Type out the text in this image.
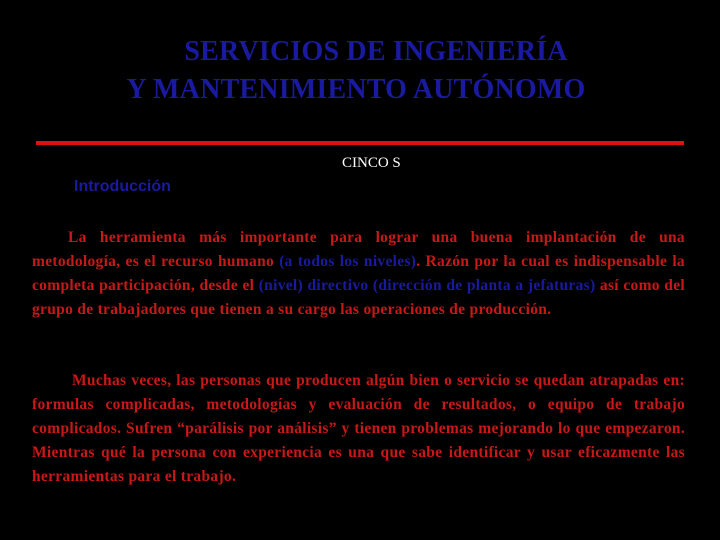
SERVICIOS DE INGENIERÍA
Y MANTENIMIENTO AUTÓNOMO
CINCO S
Introducción

La herramienta más importante para lograr una buena implantación de una metodología, es el recurso humano (a todos los niveles). Razón por la cual es indispensable la completa participación, desde el (nivel) directivo (dirección de planta a jefaturas) así como del grupo de trabajadores que tienen a su cargo las operaciones de producción.

Muchas veces, las personas que producen algún bien o servicio se quedan atrapadas en: formulas complicadas, metodologías y evaluación de resultados, o equipo de trabajo complicados. Sufren “parálisis por análisis” y tienen problemas mejorando lo que empezaron. Mientras qué la persona con experiencia es una que sabe identificar y usar eficazmente las herramientas para el trabajo.
